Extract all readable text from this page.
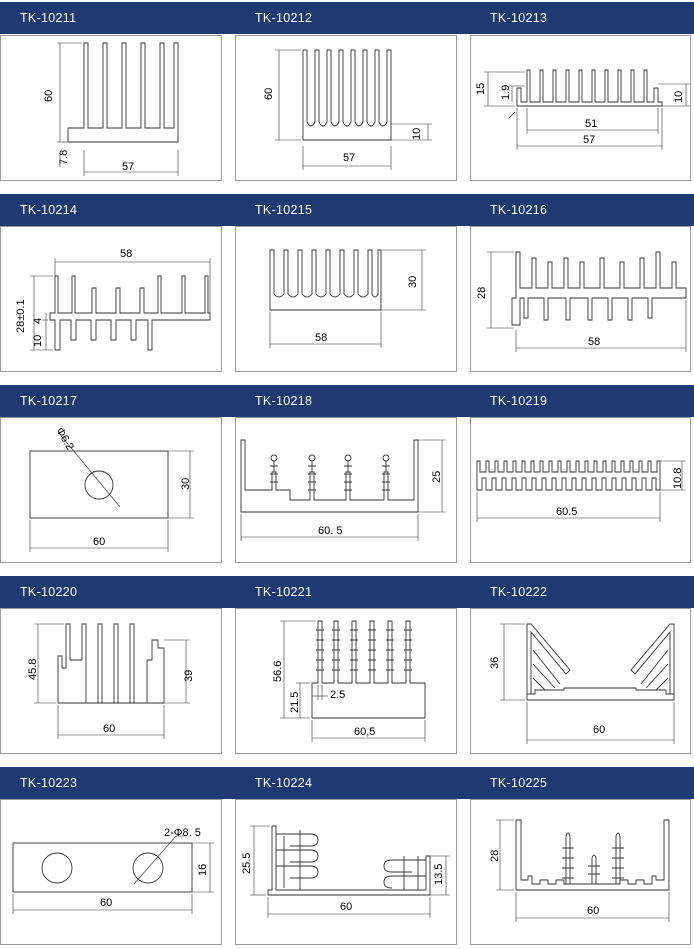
TK-10211	TK-10212	TK-10213
TK-10214	TK-10215	TK-10216
TK-10217	TK-10218	TK-10219
TK-10220	TK-10221	TK-10222
TK-10223	TK-10224	TK-10225
60
7.8
57
60
10
57
15 1.9	10
51
57
58
28±0.1
10
4
30
58
28
58
Φ6.2
30
60
25
60. 5
10.8
60.5
45.8	39
60
56.6
21.5	2.5
60,5
36
60
2-Φ8. 5
16
60
25.5
13.5
60
28
60
